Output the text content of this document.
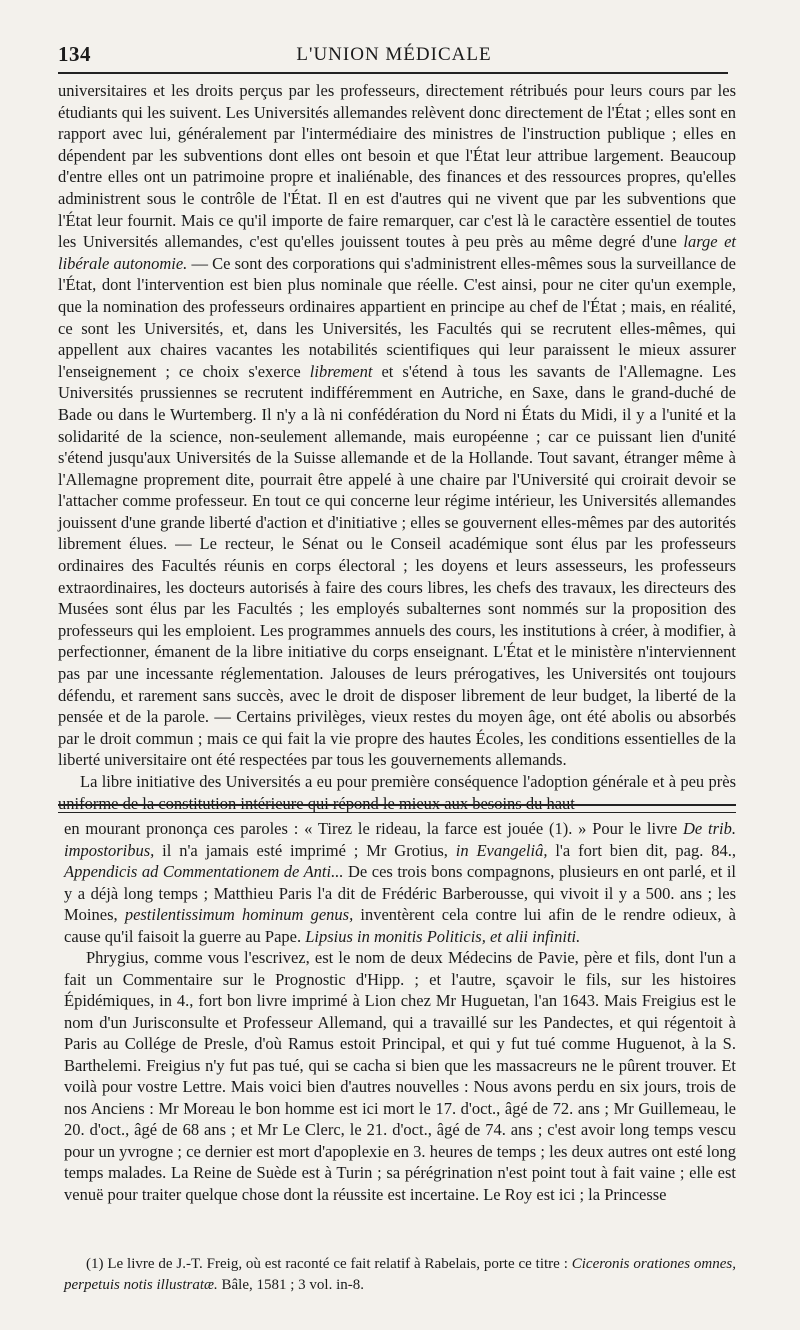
134	L'UNION MÉDICALE

universitaires et les droits perçus par les professeurs, directement rétribués pour leurs cours par les étudiants qui les suivent. Les Universités allemandes relèvent donc directement de l'État ; elles sont en rapport avec lui, généralement par l'intermédiaire des ministres de l'instruction publique ; elles en dépendent par les subventions dont elles ont besoin et que l'État leur attribue largement. Beaucoup d'entre elles ont un patrimoine propre et inaliénable, des finances et des ressources propres, qu'elles administrent sous le contrôle de l'État. Il en est d'autres qui ne vivent que par les subventions que l'État leur fournit. Mais ce qu'il importe de faire remarquer, car c'est là le caractère essentiel de toutes les Universités allemandes, c'est qu'elles jouissent toutes à peu près au même degré d'une large et libérale autonomie. — Ce sont des corporations qui s'administrent elles-mêmes sous la surveillance de l'État, dont l'intervention est bien plus nominale que réelle. C'est ainsi, pour ne citer qu'un exemple, que la nomination des professeurs ordinaires appartient en principe au chef de l'État ; mais, en réalité, ce sont les Universités, et, dans les Universités, les Facultés qui se recrutent elles-mêmes, qui appellent aux chaires vacantes les notabilités scientifiques qui leur paraissent le mieux assurer l'enseignement ; ce choix s'exerce librement et s'étend à tous les savants de l'Allemagne. Les Universités prussiennes se recrutent indifféremment en Autriche, en Saxe, dans le grand-duché de Bade ou dans le Wurtemberg. Il n'y a là ni confédération du Nord ni États du Midi, il y a l'unité et la solidarité de la science, non-seulement allemande, mais européenne ; car ce puissant lien d'unité s'étend jusqu'aux Universités de la Suisse allemande et de la Hollande. Tout savant, étranger même à l'Allemagne proprement dite, pourrait être appelé à une chaire par l'Université qui croirait devoir se l'attacher comme professeur. En tout ce qui concerne leur régime intérieur, les Universités allemandes jouissent d'une grande liberté d'action et d'initiative ; elles se gouvernent elles-mêmes par des autorités librement élues. — Le recteur, le Sénat ou le Conseil académique sont élus par les professeurs ordinaires des Facultés réunis en corps électoral ; les doyens et leurs assesseurs, les professeurs extraordinaires, les docteurs autorisés à faire des cours libres, les chefs des travaux, les directeurs des Musées sont élus par les Facultés ; les employés subalternes sont nommés sur la proposition des professeurs qui les emploient. Les programmes annuels des cours, les institutions à créer, à modifier, à perfectionner, émanent de la libre initiative du corps enseignant. L'État et le ministère n'interviennent pas par une incessante réglementation. Jalouses de leurs prérogatives, les Universités ont toujours défendu, et rarement sans succès, avec le droit de disposer librement de leur budget, la liberté de la pensée et de la parole. — Certains privilèges, vieux restes du moyen âge, ont été abolis ou absorbés par le droit commun ; mais ce qui fait la vie propre des hautes Écoles, les conditions essentielles de la liberté universitaire ont été respectées par tous les gouvernements allemands.

La libre initiative des Universités a eu pour première conséquence l'adoption générale et à peu près uniforme de la constitution intérieure qui répond le mieux aux besoins du haut

en mourant prononça ces paroles : « Tirez le rideau, la farce est jouée (1). » Pour le livre De trib. impostoribus, il n'a jamais esté imprimé ; Mr Grotius, in Evangeliâ, l'a fort bien dit, pag. 84., Appendicis ad Commentationem de Anti... De ces trois bons compagnons, plusieurs en ont parlé, et il y a déjà long temps ; Matthieu Paris l'a dit de Frédéric Barberousse, qui vivoit il y a 500. ans ; les Moines, pestilentissimum hominum genus, inventèrent cela contre lui afin de le rendre odieux, à cause qu'il faisoit la guerre au Pape. Lipsius in monitis Politicis, et alii infiniti.

Phrygius, comme vous l'escrivez, est le nom de deux Médecins de Pavie, père et fils, dont l'un a fait un Commentaire sur le Prognostic d'Hipp. ; et l'autre, sçavoir le fils, sur les histoires Épidémiques, in 4., fort bon livre imprimé à Lion chez Mr Huguetan, l'an 1643. Mais Freigius est le nom d'un Jurisconsulte et Professeur Allemand, qui a travaillé sur les Pandectes, et qui régentoit à Paris au Collége de Presle, d'où Ramus estoit Principal, et qui y fut tué comme Huguenot, à la S. Barthelemi. Freigius n'y fut pas tué, qui se cacha si bien que les massacreurs ne le pûrent trouver. Et voilà pour vostre Lettre. Mais voici bien d'autres nouvelles : Nous avons perdu en six jours, trois de nos Anciens : Mr Moreau le bon homme est ici mort le 17. d'oct., âgé de 72. ans ; Mr Guillemeau, le 20. d'oct., âgé de 68 ans ; et Mr Le Clerc, le 21. d'oct., âgé de 74. ans ; c'est avoir long temps vescu pour un yvrogne ; ce dernier est mort d'apoplexie en 3. heures de temps ; les deux autres ont esté long temps malades. La Reine de Suède est à Turin ; sa pérégrination n'est point tout à fait vaine ; elle est venuë pour traiter quelque chose dont la réussite est incertaine. Le Roy est ici ; la Princesse

(1) Le livre de J.-T. Freig, où est raconté ce fait relatif à Rabelais, porte ce titre : Ciceronis orationes omnes, perpetuis notis illustratæ. Bâle, 1581 ; 3 vol. in-8.
